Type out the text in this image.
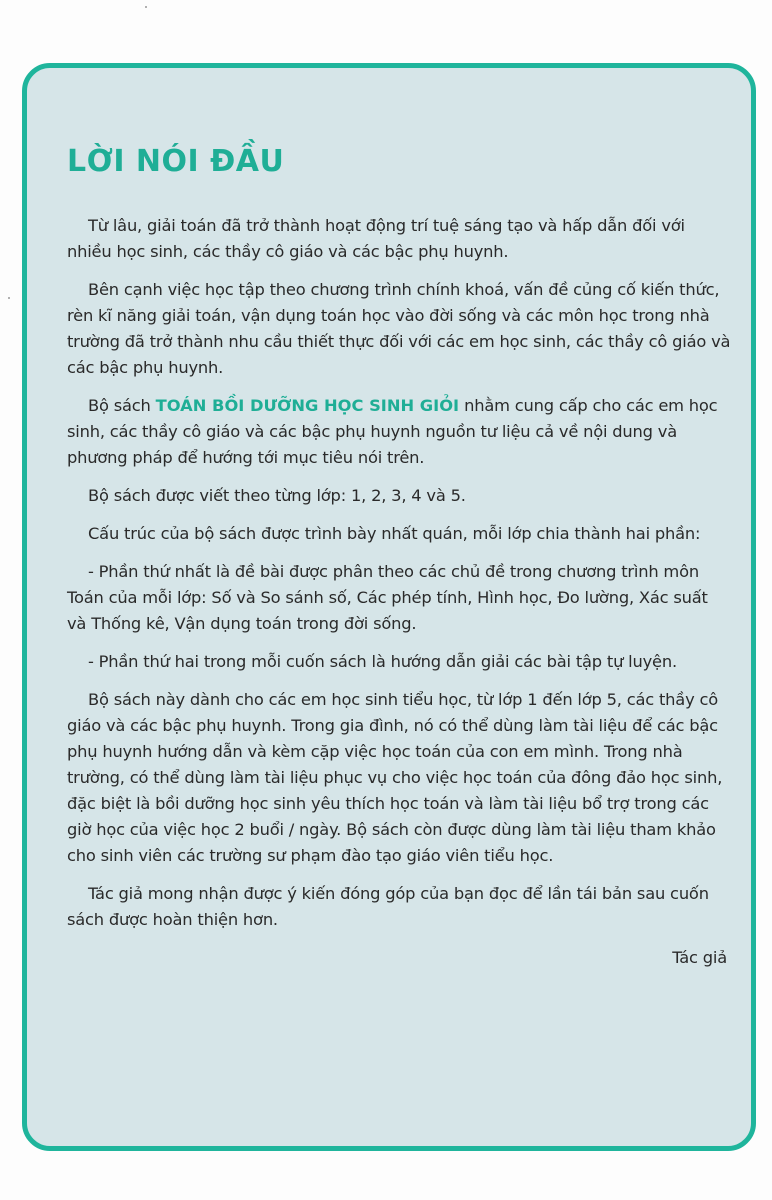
LỜI NÓI ĐẦU

Từ lâu, giải toán đã trở thành hoạt động trí tuệ sáng tạo và hấp dẫn đối với nhiều học sinh, các thầy cô giáo và các bậc phụ huynh.

Bên cạnh việc học tập theo chương trình chính khoá, vấn đề củng cố kiến thức, rèn kĩ năng giải toán, vận dụng toán học vào đời sống và các môn học trong nhà trường đã trở thành nhu cầu thiết thực đối với các em học sinh, các thầy cô giáo và các bậc phụ huynh.

Bộ sách TOÁN BỒI DƯỠNG HỌC SINH GIỎI nhằm cung cấp cho các em học sinh, các thầy cô giáo và các bậc phụ huynh nguồn tư liệu cả về nội dung và phương pháp để hướng tới mục tiêu nói trên.

Bộ sách được viết theo từng lớp: 1, 2, 3, 4 và 5.

Cấu trúc của bộ sách được trình bày nhất quán, mỗi lớp chia thành hai phần:

- Phần thứ nhất là đề bài được phân theo các chủ đề trong chương trình môn Toán của mỗi lớp: Số và So sánh số, Các phép tính, Hình học, Đo lường, Xác suất và Thống kê, Vận dụng toán trong đời sống.

- Phần thứ hai trong mỗi cuốn sách là hướng dẫn giải các bài tập tự luyện.

Bộ sách này dành cho các em học sinh tiểu học, từ lớp 1 đến lớp 5, các thầy cô giáo và các bậc phụ huynh. Trong gia đình, nó có thể dùng làm tài liệu để các bậc phụ huynh hướng dẫn và kèm cặp việc học toán của con em mình. Trong nhà trường, có thể dùng làm tài liệu phục vụ cho việc học toán của đông đảo học sinh, đặc biệt là bồi dưỡng học sinh yêu thích học toán và làm tài liệu bổ trợ trong các giờ học của việc học 2 buổi / ngày. Bộ sách còn được dùng làm tài liệu tham khảo cho sinh viên các trường sư phạm đào tạo giáo viên tiểu học.

Tác giả mong nhận được ý kiến đóng góp của bạn đọc để lần tái bản sau cuốn sách được hoàn thiện hơn.

Tác giả
